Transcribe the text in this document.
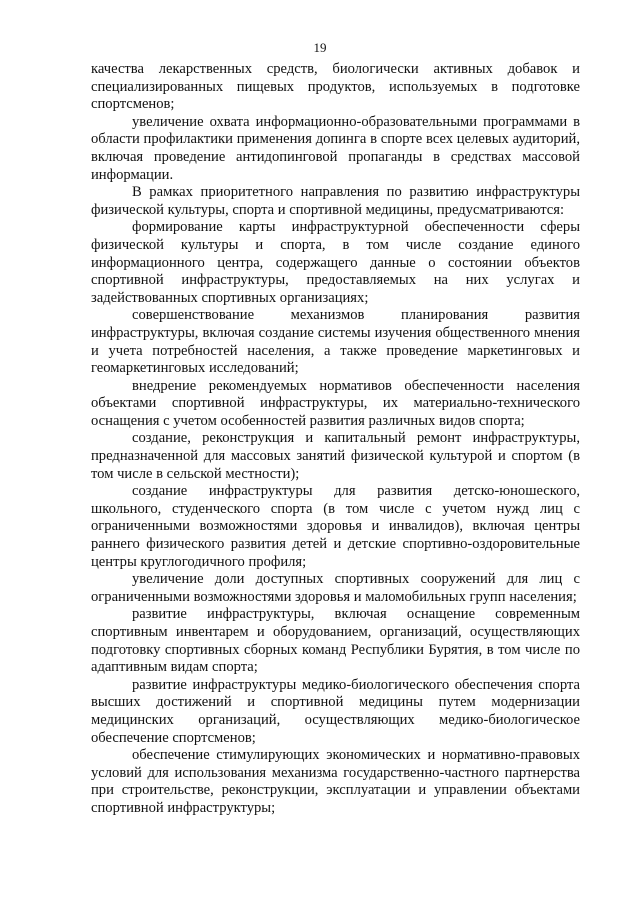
19

качества лекарственных средств, биологически активных добавок и специализированных пищевых продуктов, используемых в подготовке спортсменов;

увеличение охвата информационно-образовательными программами в области профилактики применения допинга в спорте всех целевых аудиторий, включая проведение антидопинговой пропаганды в средствах массовой информации.

В рамках приоритетного направления по развитию инфраструктуры физической культуры, спорта и спортивной медицины, предусматриваются:

формирование карты инфраструктурной обеспеченности сферы физической культуры и спорта, в том числе создание единого информационного центра, содержащего данные о состоянии объектов спортивной инфраструктуры, предоставляемых на них услугах и задействованных спортивных организациях;

совершенствование механизмов планирования развития инфраструктуры, включая создание системы изучения общественного мнения и учета потребностей населения, а также проведение маркетинговых и геомаркетинговых исследований;

внедрение рекомендуемых нормативов обеспеченности населения объектами спортивной инфраструктуры, их материально-технического оснащения с учетом особенностей развития различных видов спорта;

создание, реконструкция и капитальный ремонт инфраструктуры, предназначенной для массовых занятий физической культурой и спортом (в том числе в сельской местности);

создание инфраструктуры для развития детско-юношеского, школьного, студенческого спорта (в том числе с учетом нужд лиц с ограниченными возможностями здоровья и инвалидов), включая центры раннего физического развития детей и детские спортивно-оздоровительные центры круглогодичного профиля;

увеличение доли доступных спортивных сооружений для лиц с ограниченными возможностями здоровья и маломобильных групп населения;

развитие инфраструктуры, включая оснащение современным спортивным инвентарем и оборудованием, организаций, осуществляющих подготовку спортивных сборных команд Республики Бурятия, в том числе по адаптивным видам спорта;

развитие инфраструктуры медико-биологического обеспечения спорта высших достижений и спортивной медицины путем модернизации медицинских организаций, осуществляющих медико-биологическое обеспечение спортсменов;

обеспечение стимулирующих экономических и нормативно-правовых условий для использования механизма государственно-частного партнерства при строительстве, реконструкции, эксплуатации и управлении объектами спортивной инфраструктуры;
